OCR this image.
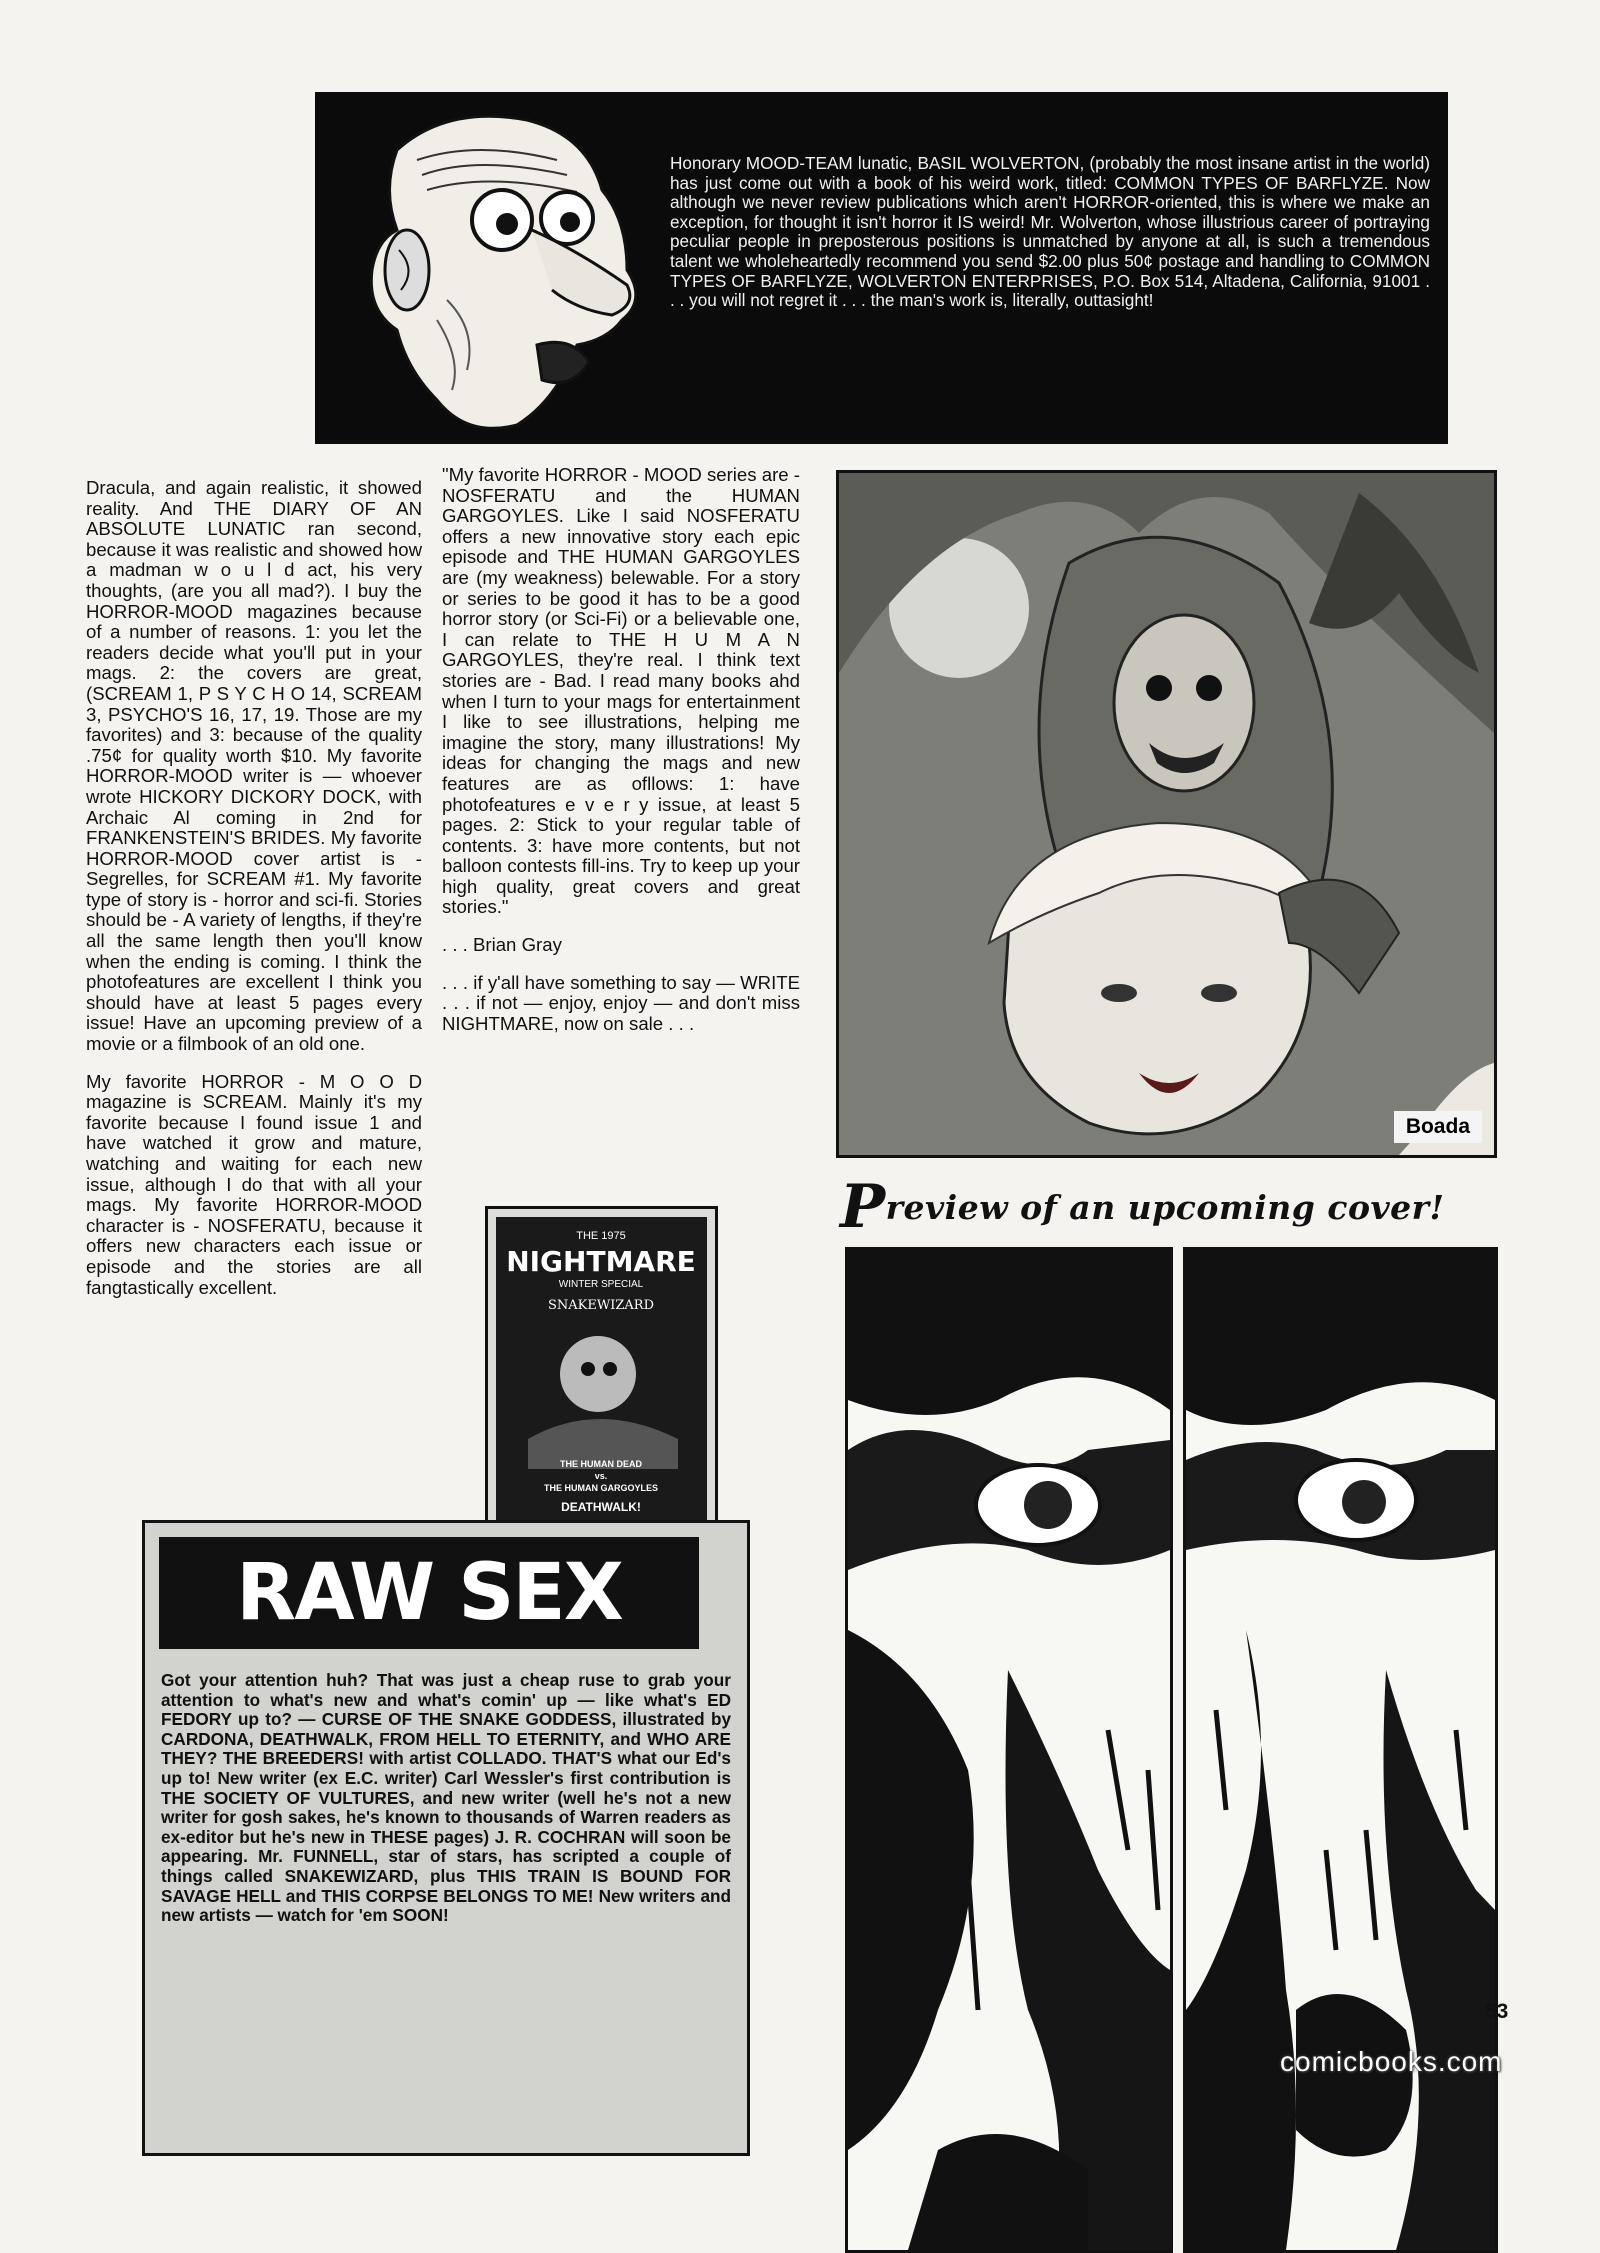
Honorary MOOD-TEAM lunatic, BASIL WOLVERTON, (probably the most insane artist in the world) has just come out with a book of his weird work, titled: COMMON TYPES OF BARFLYZE. Now although we never review publications which aren't HORROR-oriented, this is where we make an exception, for thought it isn't horror it IS weird! Mr. Wolverton, whose illustrious career of portraying peculiar people in preposterous positions is unmatched by anyone at all, is such a tremendous talent we wholeheartedly recommend you send $2.00 plus 50¢ postage and handling to COMMON TYPES OF BARFLYZE, WOLVERTON ENTERPRISES, P.O. Box 514, Altadena, California, 91001 . . . you will not regret it . . . the man's work is, literally, outtasight!

Dracula, and again realistic, it showed reality. And THE DIARY OF AN ABSOLUTE LUNATIC ran second, because it was realistic and showed how a madman w o u l d act, his very thoughts, (are you all mad?). I buy the HORROR-MOOD magazines because of a number of reasons. 1: you let the readers decide what you'll put in your mags. 2: the covers are great, (SCREAM 1, P S Y C H O 14, SCREAM 3, PSYCHO'S 16, 17, 19. Those are my favorites) and 3: because of the quality .75¢ for quality worth $10. My favorite HORROR-MOOD writer is — whoever wrote HICKORY DICKORY DOCK, with Archaic Al coming in 2nd for FRANKENSTEIN'S BRIDES. My favorite HORROR-MOOD cover artist is - Segrelles, for SCREAM #1. My favorite type of story is - horror and sci-fi. Stories should be - A variety of lengths, if they're all the same length then you'll know when the ending is coming. I think the photofeatures are excellent I think you should have at least 5 pages every issue! Have an upcoming preview of a movie or a filmbook of an old one.

My favorite HORROR - M O O D magazine is SCREAM. Mainly it's my favorite because I found issue 1 and have watched it grow and mature, watching and waiting for each new issue, although I do that with all your mags. My favorite HORROR-MOOD character is - NOSFERATU, because it offers new characters each issue or episode and the stories are all fangtastically excellent.

"My favorite HORROR - MOOD series are - NOSFERATU and the HUMAN GARGOYLES. Like I said NOSFERATU offers a new innovative story each epic episode and THE HUMAN GARGOYLES are (my weakness) belewable. For a story or series to be good it has to be a good horror story (or Sci-Fi) or a believable one, I can relate to THE H U M A N GARGOYLES, they're real. I think text stories are - Bad. I read many books ahd when I turn to your mags for entertainment I like to see illustrations, helping me imagine the story, many illustrations! My ideas for changing the mags and new features are as ofllows: 1: have photofeatures e v e r y issue, at least 5 pages. 2: Stick to your regular table of contents. 3: have more contents, but not balloon contests fill-ins. Try to keep up your high quality, great covers and great stories."

. . . Brian Gray

. . . if y'all have something to say — WRITE . . . if not — enjoy, enjoy — and don't miss NIGHTMARE, now on sale . . .

Boada
Preview of an upcoming cover!
THE 1975
NIGHTMARE
WINTER SPECIAL
SNAKEWIZARD
THE HUMAN DEAD
vs.
THE HUMAN GARGOYLES
DEATHWALK!
RAW SEX
Got your attention huh? That was just a cheap ruse to grab your attention to what's new and what's comin' up — like what's ED FEDORY up to? — CURSE OF THE SNAKE GODDESS, illustrated by CARDONA, DEATHWALK, FROM HELL TO ETERNITY, and WHO ARE THEY? THE BREEDERS! with artist COLLADO. THAT'S what our Ed's up to! New writer (ex E.C. writer) Carl Wessler's first contribution is THE SOCIETY OF VULTURES, and new writer (well he's not a new writer for gosh sakes, he's known to thousands of Warren readers as ex-editor but he's new in THESE pages) J. R. COCHRAN will soon be appearing. Mr. FUNNELL, star of stars, has scripted a couple of things called SNAKEWIZARD, plus THIS TRAIN IS BOUND FOR SAVAGE HELL and THIS CORPSE BELONGS TO ME! New writers and new artists — watch for 'em SOON!
53
comicbooks.com
